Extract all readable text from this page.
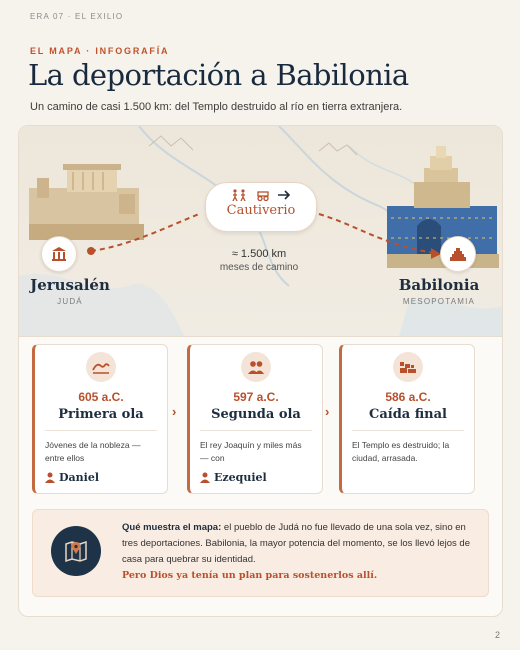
ERA 07 · EL EXILIO
EL MAPA · INFOGRAFÍA
La deportación a Babilonia
Un camino de casi 1.500 km: del Templo destruido al río en tierra extranjera.
Jerusalén
JUDÁ
Babilonia
MESOPOTAMIA
Cautiverio
≈ 1.500 km
meses de camino
605 a.C.
Primera ola
Jóvenes de la nobleza — entre ellos
Daniel
›
597 a.C.
Segunda ola
El rey Joaquín y miles más — con
Ezequiel
›
586 a.C.
Caída final
El Templo es destruido; la ciudad, arrasada.
Qué muestra el mapa: el pueblo de Judá no fue llevado de una sola vez, sino en tres deportaciones. Babilonia, la mayor potencia del momento, se los llevó lejos de casa para quebrar su identidad.
Pero Dios ya tenía un plan para sostenerlos allí.
2
